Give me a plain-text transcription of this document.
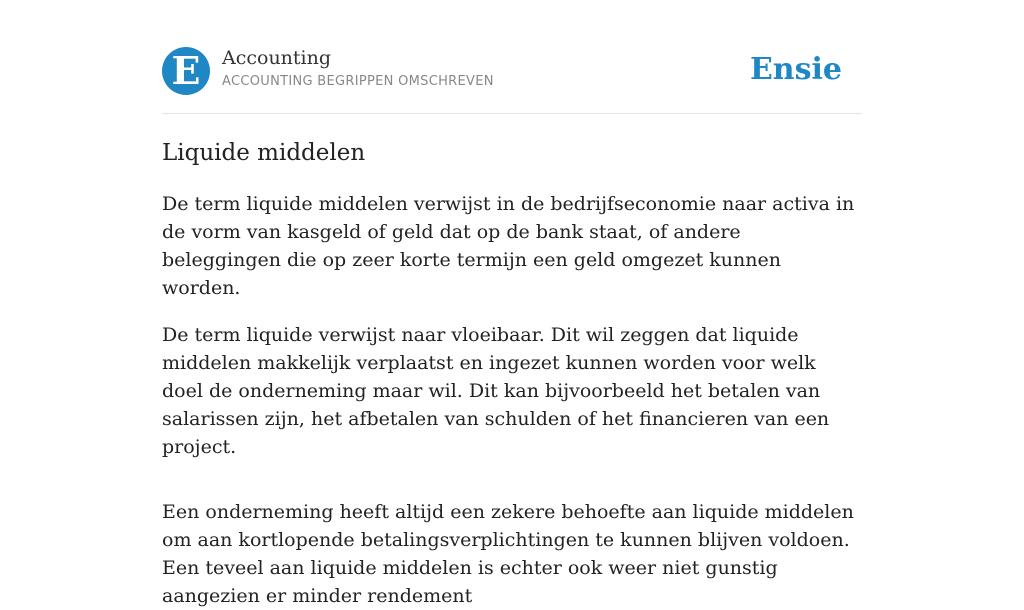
E	Accounting
ACCOUNTING BEGRIPPEN OMSCHREVEN	Ensie
Liquide middelen

De term liquide middelen verwijst in de bedrijfseconomie naar activa in de vorm van kasgeld of geld dat op de bank staat, of andere beleggingen die op zeer korte termijn een geld omgezet kunnen worden.

De term liquide verwijst naar vloeibaar. Dit wil zeggen dat liquide middelen makkelijk verplaatst en ingezet kunnen worden voor welk doel de onderneming maar wil. Dit kan bijvoorbeeld het betalen van salarissen zijn, het afbetalen van schulden of het financieren van een project.

Een onderneming heeft altijd een zekere behoefte aan liquide middelen om aan kortlopende betalingsverplichtingen te kunnen blijven voldoen. Een teveel aan liquide middelen is echter ook weer niet gunstig aangezien er minder rendement
